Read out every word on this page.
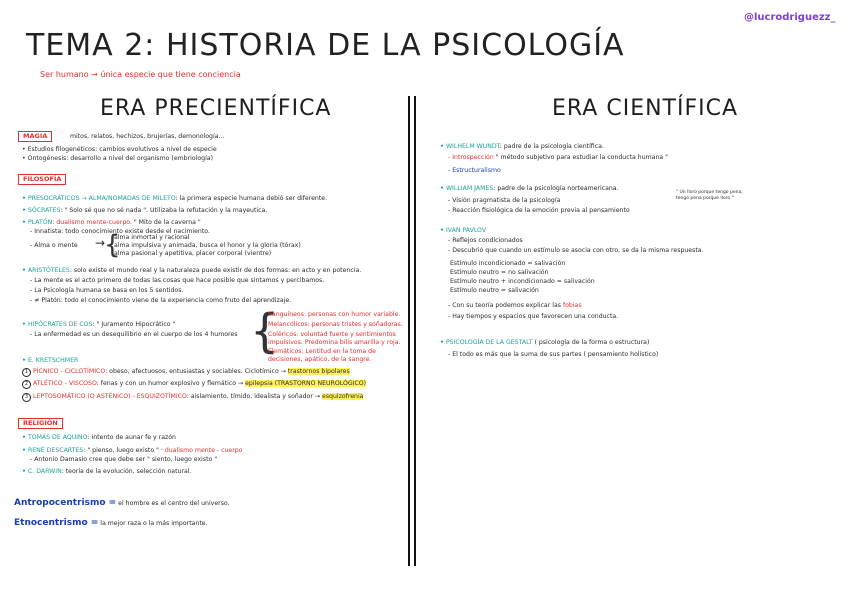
TEMA 2: HISTORIA DE LA PSICOLOGÍA
@lucrodriguezz_
Ser humano → única especie que tiene conciencia
ERA PRECIENTÍFICA	ERA CIENTÍFICA
MAGIA	mitos, relatos, hechizos, brujerías, demonología...
• Estudios filogenéticos: cambios evolutivos a nivel de especie
• Ontogénesis: desarrollo a nivel del organismo (embriología)
FILOSOFÍA
• PRESOCRÁTICOS → ALMA/NOMADAS DE MILETO: la primera especie humana debió ser diferente.
• SÓCRATES: " Solo sé que no sé nada ". Utilizaba la refutación y la mayeutica.
• PLATÓN: dualismo mente-cuerpo. " Mito de la caverna "
- Innatista: todo conocimiento existe desde el nacimiento.
- Alma o mente →
{
alma inmortal y racional
alma impulsiva y animada, busca el honor y la gloria (tórax)
alma pasional y apetitiva, placer corporal (vientre)
• ARISTÓTELES: solo existe el mundo real y la naturaleza puede existir de dos formas: en acto y en potencia.
- La mente es el acto primero de todas las cosas que hace posible que sintamos y percibamos.
- La Psicología humana se basa en los 5 sentidos.
- ≠ Platón: todo el conocimiento viene de la experiencia como fruto del aprendizaje.
• HIPÓCRATES DE COS: " Juramento Hipocrático "
- La enfermedad es un desequilibrio en el cuerpo de los 4 humores {
Sanguíneos: personas con humor variable.
Melancólicos: personas tristes y soñadoras.
Coléricos: voluntad fuerte y sentimientos impulsivos. Predomina bilis amarilla y roja.
Flemáticos: Lentitud en la toma de decisiones, apático, de la sangre.
• E. KRETSCHMER
1 PÍCNICO - CICLOTÍMICO: obeso, afectuosos, entusiastas y sociables. Ciclotímico → trastornos bipolares
2 ATLÉTICO - VISCOSO: fenas y con un humor explosivo y flemático → epilepsia (TRASTORNO NEUROLÓGICO)
3 LEPTOSOMÁTICO (O ASTÉNICO) - ESQUIZOTÍMICO: aislamiento, tímido, idealista y soñador → esquizofrenia
RELIGIÓN
• TOMÁS DE AQUINO: intento de aunar fe y razón
• RENÉ DESCARTES: " pienso, luego existo " · dualismo mente - cuerpo
- Antonio Damasio cree que debe ser " siento, luego existo "
• C. DARWIN: teoría de la evolución, selección natural.
Antropocentrismo = el hombre es el centro del universo.
Etnocentrismo = la mejor raza o la más importante.
• WILHELM WUNDT: padre de la psicología científica.
- Introspección " método subjetivo para estudiar la conducta humana "
- Estructuralismo
• WILLIAM JAMES: padre de la psicología norteamericana.
" Un lloro porque tengo pena, tengo pena porque lloro "
- Visión pragmatista de la psicología
- Reacción fisiológica de la emoción previa al pensamiento
• IVAN PAVLOV
- Reflejos condicionados
- Descubrió que cuando un estímulo se asocia con otro, se da la misma respuesta.
Estímulo incondicionado = salivación
Estímulo neutro = no salivación
Estímulo neutro + incondicionado = salivación
Estímulo neutro = salivación
- Con su teoría podemos explicar las fobias
- Hay tiempos y espacios que favorecen una conducta.
• PSICOLOGÍA DE LA GESTALT ( psicología de la forma o estructura)
- El todo es más que la suma de sus partes ( pensamiento holístico)
